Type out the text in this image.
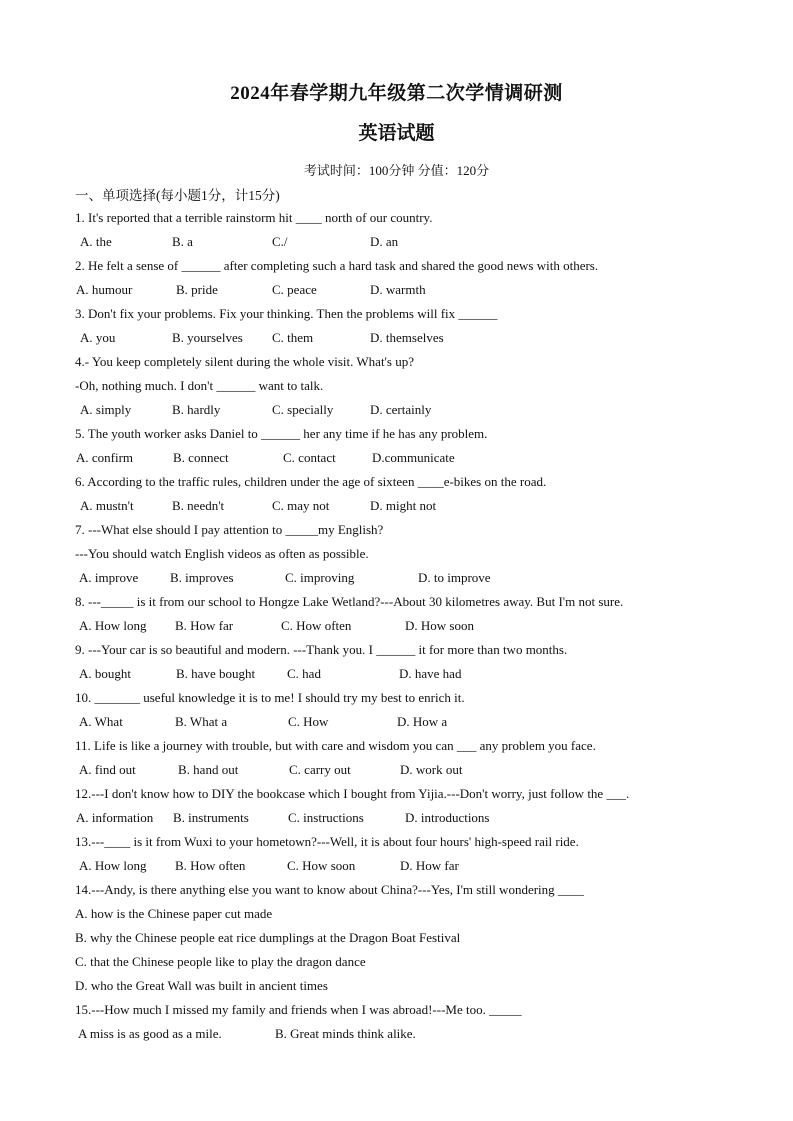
2024年春学期九年级第二次学情调研测
英语试题
考试时间：100分钟 分值：120分
一、单项选择(每小题1分，计15分)
1. It's reported that a terrible rainstorm hit ____ north of our country.
A. the	B. a	C./	D. an
2. He felt a sense of ______ after completing such a hard task and shared the good news with others.
A. humour	B. pride	C. peace	D. warmth
3. Don't fix your problems. Fix your thinking. Then the problems will fix ______
A. you	B. yourselves C. them	D. themselves
4.- You keep completely silent during the whole visit. What's up?
-Oh, nothing much. I don't ______ want to talk.
A. simply	B. hardly	C. specially	D. certainly
5. The youth worker asks Daniel to ______ her any time if he has any problem.
A. confirm	B. connect	C. contact	D.communicate
6. According to the traffic rules, children under the age of sixteen ____e-bikes on the road.
A. mustn't	B. needn't	C. may not	D. might not
7. ---What else should I pay attention to _____my English?
---You should watch English videos as often as possible.
A. improve B. improves	C. improving	D. to improve
8. ---_____ is it from our school to Hongze Lake Wetland?---About 30 kilometres away. But I'm not sure.
A. How long B. How far	C. How often	D. How soon
9. ---Your car is so beautiful and modern. ---Thank you. I ______ it for more than two months.
A. bought	B. have bought C. had	D. have had
10. _______ useful knowledge it is to me! I should try my best to enrich it.
A. What	B. What a	C. How	D. How a
11. Life is like a journey with trouble, but with care and wisdom you can ___ any problem you face.
A. find out	B. hand out	C. carry out	D. work out
12.---I don't know how to DIY the bookcase which I bought from Yijia.---Don't worry, just follow the ___.
A. information B. instruments	C. instructions	D. introductions
13.---____ is it from Wuxi to your hometown?---Well, it is about four hours' high-speed rail ride.
A. How long B. How often	C. How soon	D. How far
14.---Andy, is there anything else you want to know about China?---Yes, I'm still wondering ____
A. how is the Chinese paper cut made
B. why the Chinese people eat rice dumplings at the Dragon Boat Festival
C. that the Chinese people like to play the dragon dance
D. who the Great Wall was built in ancient times
15.---How much I missed my family and friends when I was abroad!---Me too. _____
A miss is as good as a mile.	B. Great minds think alike.
